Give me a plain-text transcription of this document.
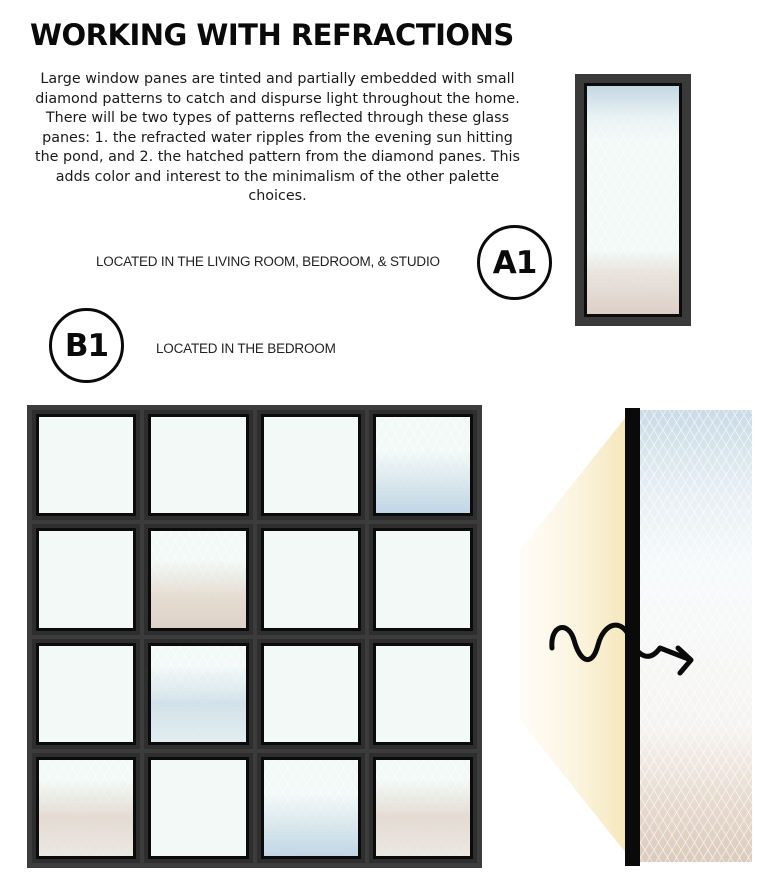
WORKING WITH REFRACTIONS
Large window panes are tinted and partially embedded with small diamond patterns to catch and dispurse light throughout the home. There will be two types of patterns reflected through these glass panes: 1. the refracted water ripples from the evening sun hitting the pond, and 2. the hatched pattern from the diamond panes. This adds color and interest to the minimalism of the other palette choices.
LOCATED IN THE LIVING ROOM, BEDROOM, & STUDIO	A1
B1	LOCATED IN THE BEDROOM
